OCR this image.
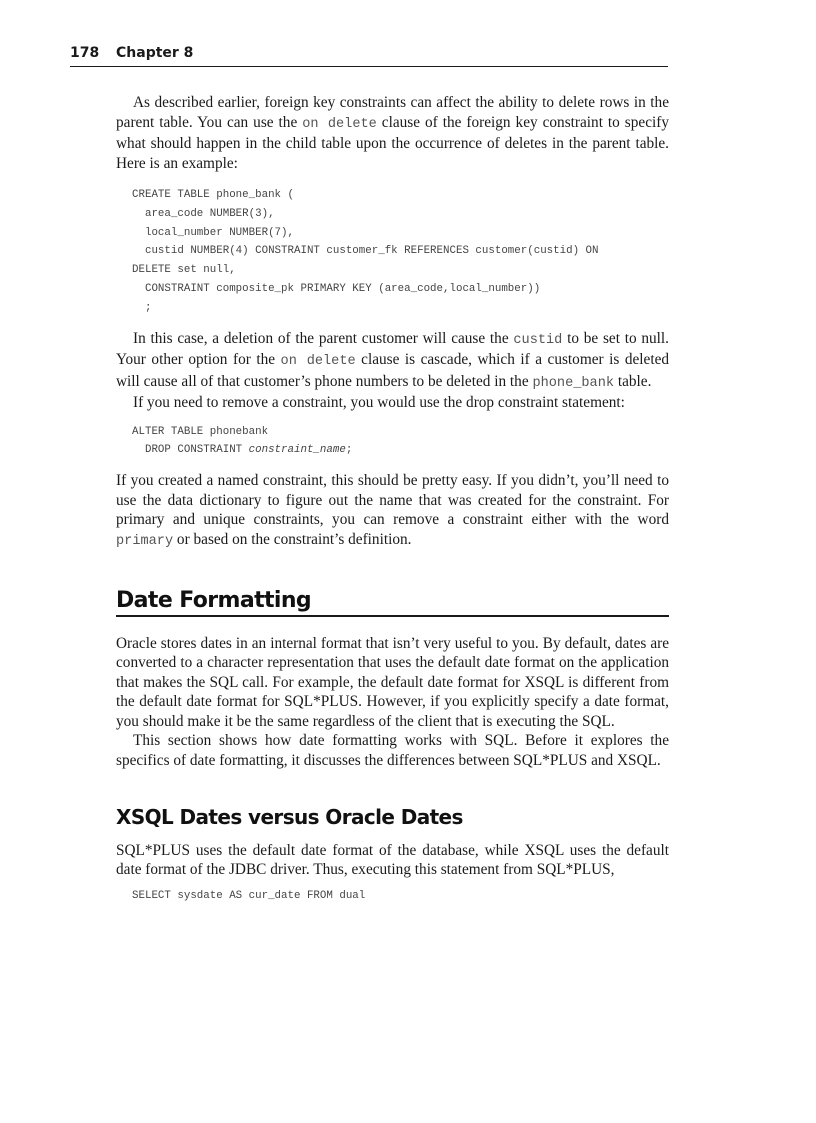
178 Chapter 8

As described earlier, foreign key constraints can affect the ability to delete rows in the parent table. You can use the on delete clause of the foreign key constraint to specify what should happen in the child table upon the occurrence of deletes in the parent table. Here is an example:

CREATE TABLE phone_bank (
area_code NUMBER(3),
local_number NUMBER(7),
custid NUMBER(4) CONSTRAINT customer_fk REFERENCES customer(custid) ON
DELETE set null,
CONSTRAINT composite_pk PRIMARY KEY (area_code,local_number))
;

In this case, a deletion of the parent customer will cause the custid to be set to null. Your other option for the on delete clause is cascade, which if a customer is deleted will cause all of that customer’s phone numbers to be deleted in the phone_bank table.

If you need to remove a constraint, you would use the drop constraint statement:

ALTER TABLE phonebank
DROP CONSTRAINT constraint_name;

If you created a named constraint, this should be pretty easy. If you didn’t, you’ll need to use the data dictionary to figure out the name that was created for the constraint. For primary and unique constraints, you can remove a constraint either with the word primary or based on the constraint’s definition.

Date Formatting

Oracle stores dates in an internal format that isn’t very useful to you. By default, dates are converted to a character representation that uses the default date format on the application that makes the SQL call. For example, the default date format for XSQL is different from the default date format for SQL*PLUS. However, if you explicitly specify a date format, you should make it be the same regardless of the client that is executing the SQL.

This section shows how date formatting works with SQL. Before it explores the specifics of date formatting, it discusses the differences between SQL*PLUS and XSQL.

XSQL Dates versus Oracle Dates

SQL*PLUS uses the default date format of the database, while XSQL uses the default date format of the JDBC driver. Thus, executing this statement from SQL*PLUS,

SELECT sysdate AS cur_date FROM dual
